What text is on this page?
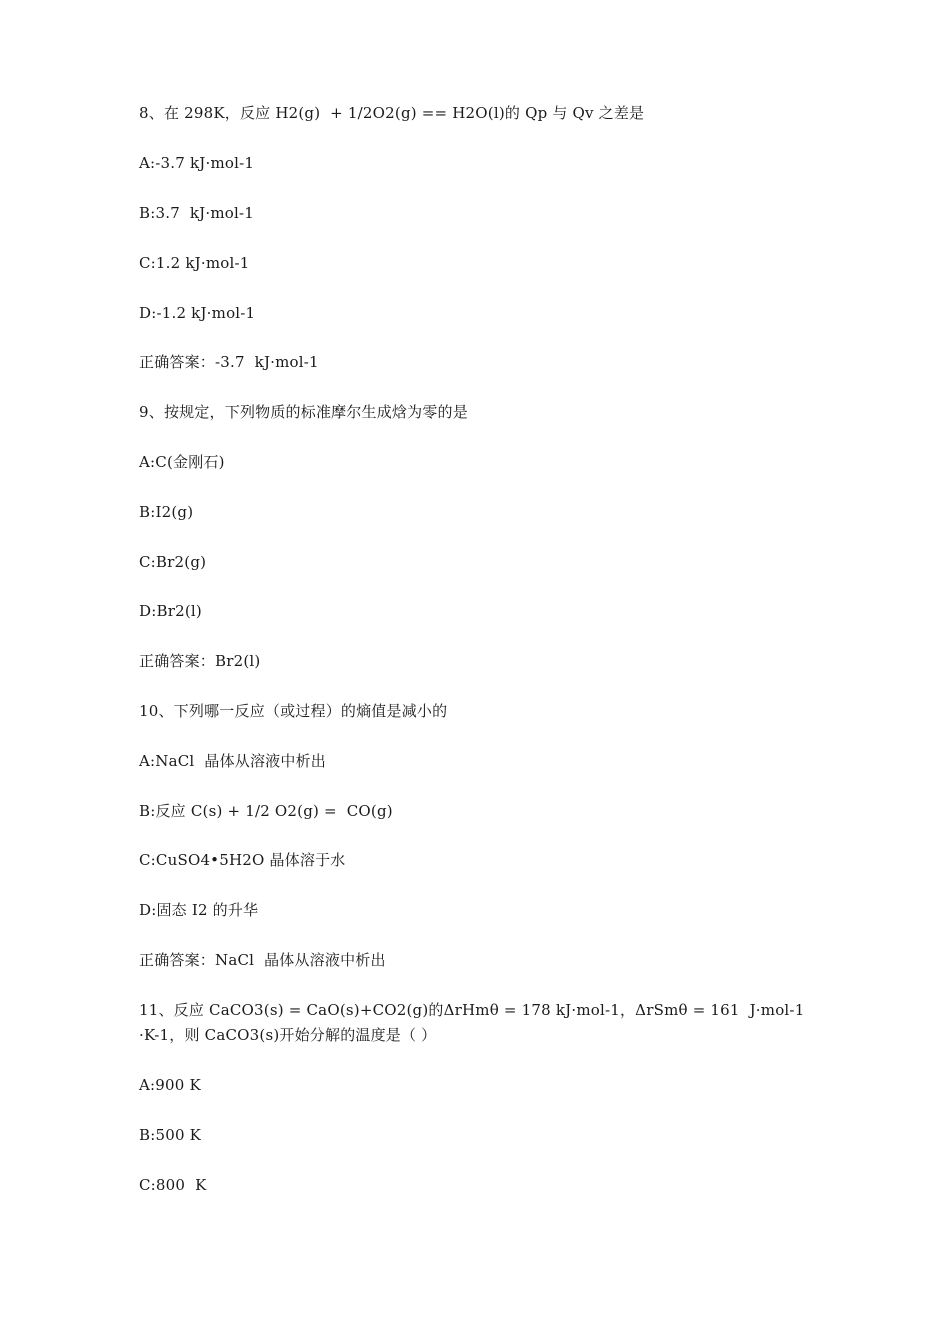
8、在 298K，反应 H2(g)  + 1/2O2(g) == H2O(l)的 Qp 与 Qv 之差是
A:-3.7 kJ·mol-1
B:3.7  kJ·mol-1
C:1.2 kJ·mol-1
D:-1.2 kJ·mol-1
正确答案：-3.7  kJ·mol-1
9、按规定，下列物质的标准摩尔生成焓为零的是
A:C(金刚石)
B:I2(g)
C:Br2(g)
D:Br2(l)
正确答案：Br2(l)
10、下列哪一反应（或过程）的熵值是减小的
A:NaCl  晶体从溶液中析出
B:反应 C(s) + 1/2 O2(g) =  CO(g)
C:CuSO4•5H2O 晶体溶于水
D:固态 I2 的升华
正确答案：NaCl  晶体从溶液中析出
11、反应 CaCO3(s) = CaO(s)+CO2(g)的ΔrHmθ = 178 kJ·mol-1，ΔrSmθ = 161  J·mol-1 ·K-1，则 CaCO3(s)开始分解的温度是（ ）
A:900 K
B:500 K
C:800  K
